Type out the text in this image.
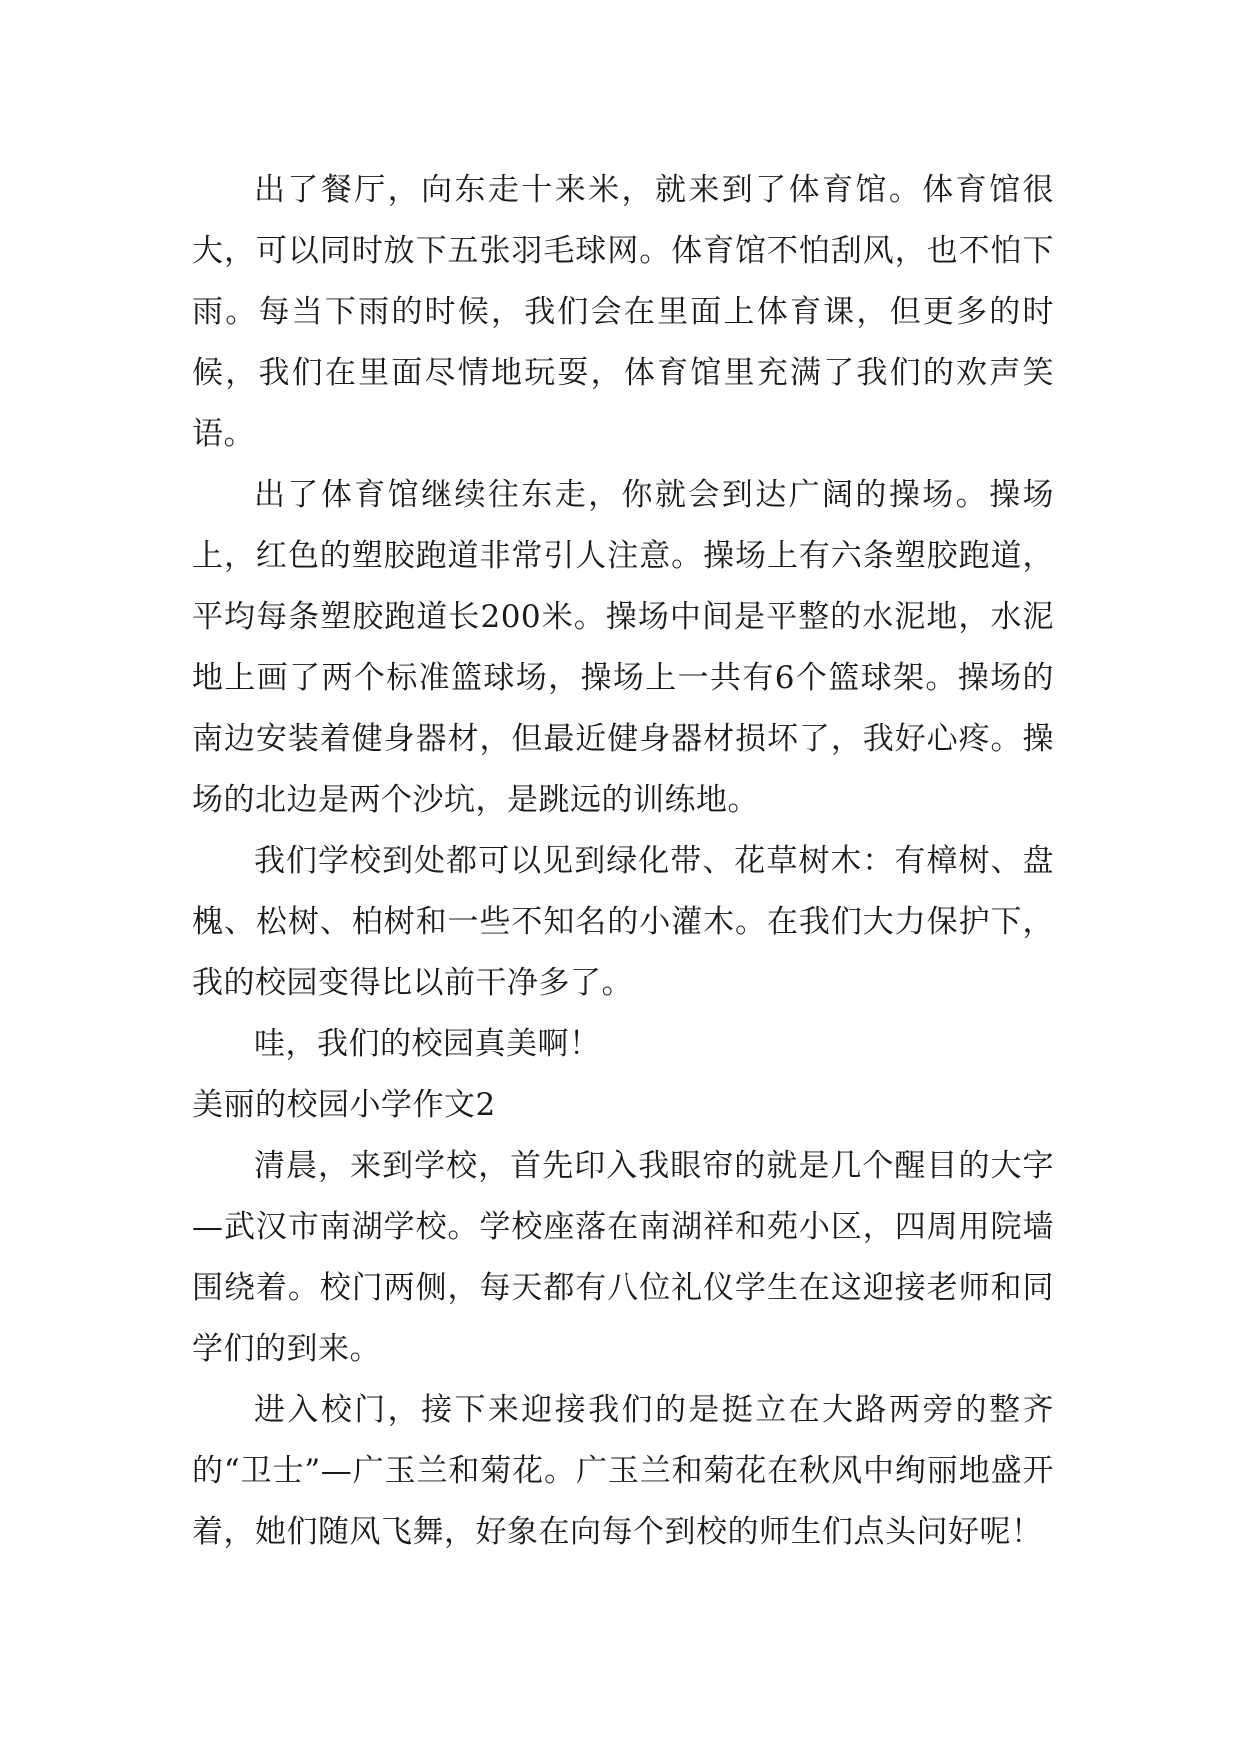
出了餐厅，向东走十来米，就来到了体育馆。体育馆很大，可以同时放下五张羽毛球网。体育馆不怕刮风，也不怕下雨。每当下雨的时候，我们会在里面上体育课，但更多的时候，我们在里面尽情地玩耍，体育馆里充满了我们的欢声笑语。

出了体育馆继续往东走，你就会到达广阔的操场。操场上，红色的塑胶跑道非常引人注意。操场上有六条塑胶跑道，平均每条塑胶跑道长200米。操场中间是平整的水泥地，水泥地上画了两个标准篮球场，操场上一共有6个篮球架。操场的南边安装着健身器材，但最近健身器材损坏了，我好心疼。操场的北边是两个沙坑，是跳远的训练地。

我们学校到处都可以见到绿化带、花草树木：有樟树、盘槐、松树、柏树和一些不知名的小灌木。在我们大力保护下，我的校园变得比以前干净多了。

哇，我们的校园真美啊！

美丽的校园小学作文2

清晨，来到学校，首先印入我眼帘的就是几个醒目的大字—武汉市南湖学校。学校座落在南湖祥和苑小区，四周用院墙围绕着。校门两侧，每天都有八位礼仪学生在这迎接老师和同学们的到来。

进入校门，接下来迎接我们的是挺立在大路两旁的整齐的“卫士”—广玉兰和菊花。广玉兰和菊花在秋风中绚丽地盛开着，她们随风飞舞，好象在向每个到校的师生们点头问好呢！
